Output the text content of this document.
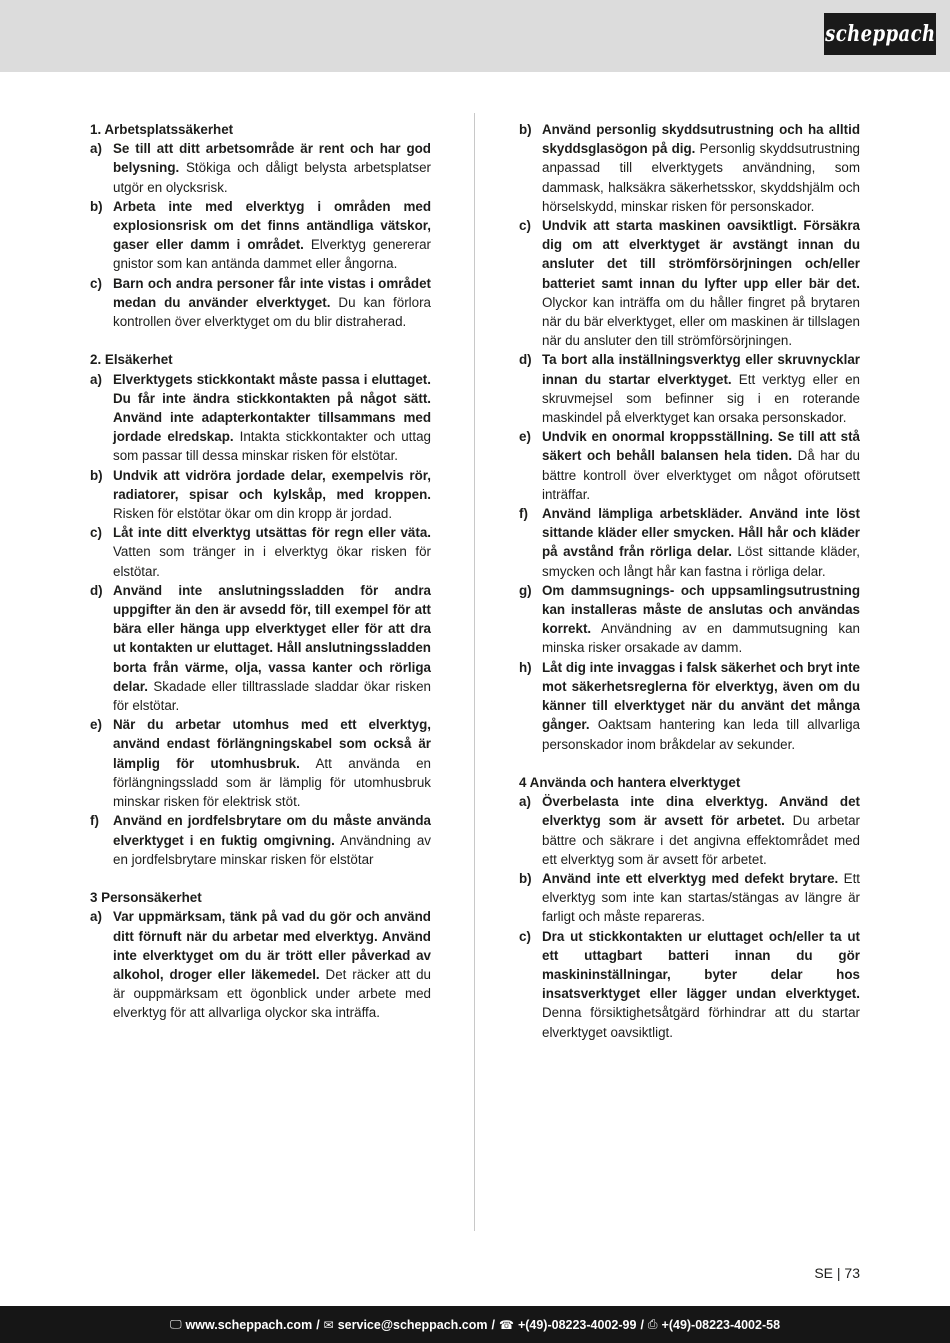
scheppach
1. Arbetsplatssäkerhet
a) Se till att ditt arbetsområde är rent och har god belysning. Stökiga och dåligt belysta arbetsplatser utgör en olycksrisk.
b) Arbeta inte med elverktyg i områden med explosionsrisk om det finns antändliga vätskor, gaser eller damm i området. Elverktyg genererar gnistor som kan antända dammet eller ångorna.
c) Barn och andra personer får inte vistas i området medan du använder elverktyget. Du kan förlora kontrollen över elverktyget om du blir distraherad.
2. Elsäkerhet
a) Elverktygets stickkontakt måste passa i eluttaget. Du får inte ändra stickkontakten på något sätt. Använd inte adapterkontakter tillsammans med jordade elredskap. Intakta stickkontakter och uttag som passar till dessa minskar risken för elstötar.
b) Undvik att vidröra jordade delar, exempelvis rör, radiatorer, spisar och kylskåp, med kroppen. Risken för elstötar ökar om din kropp är jordad.
c) Låt inte ditt elverktyg utsättas för regn eller väta. Vatten som tränger in i elverktyg ökar risken för elstötar.
d) Använd inte anslutningssladden för andra uppgifter än den är avsedd för, till exempel för att bära eller hänga upp elverktyget eller för att dra ut kontakten ur eluttaget. Håll anslutningssladden borta från värme, olja, vassa kanter och rörliga delar. Skadade eller tilltrasslade sladdar ökar risken för elstötar.
e) När du arbetar utomhus med ett elverktyg, använd endast förlängningskabel som också är lämplig för utomhusbruk. Att använda en förlängningssladd som är lämplig för utomhusbruk minskar risken för elektrisk stöt.
f) Använd en jordfelsbrytare om du måste använda elverktyget i en fuktig omgivning. Användning av en jordfelsbrytare minskar risken för elstötar
3 Personsäkerhet
a) Var uppmärksam, tänk på vad du gör och använd ditt förnuft när du arbetar med elverktyg. Använd inte elverktyget om du är trött eller påverkad av alkohol, droger eller läkemedel. Det räcker att du är ouppmärksam ett ögonblick under arbete med elverktyg för att allvarliga olyckor ska inträffa.
b) Använd personlig skyddsutrustning och ha alltid skyddsglasögon på dig. Personlig skyddsutrustning anpassad till elverktygets användning, som dammask, halksäkra säkerhetsskor, skyddshjälm och hörselskydd, minskar risken för personskador.
c) Undvik att starta maskinen oavsiktligt. Försäkra dig om att elverktyget är avstängt innan du ansluter det till strömförsörjningen och/eller batteriet samt innan du lyfter upp eller bär det. Olyckor kan inträffa om du håller fingret på brytaren när du bär elverktyget, eller om maskinen är tillslagen när du ansluter den till strömförsörjningen.
d) Ta bort alla inställningsverktyg eller skruvnycklar innan du startar elverktyget. Ett verktyg eller en skruvmejsel som befinner sig i en roterande maskindel på elverktyget kan orsaka personskador.
e) Undvik en onormal kroppsställning. Se till att stå säkert och behåll balansen hela tiden. Då har du bättre kontroll över elverktyget om något oförutsett inträffar.
f) Använd lämpliga arbetskläder. Använd inte löst sittande kläder eller smycken. Håll hår och kläder på avstånd från rörliga delar. Löst sittande kläder, smycken och långt hår kan fastna i rörliga delar.
g) Om dammsugnings- och uppsamlingsutrustning kan installeras måste de anslutas och användas korrekt. Användning av en dammutsugning kan minska risker orsakade av damm.
h) Låt dig inte invaggas i falsk säkerhet och bryt inte mot säkerhetsreglerna för elverktyg, även om du känner till elverktyget när du använt det många gånger. Oaktsam hantering kan leda till allvarliga personskador inom bråkdelar av sekunder.
4 Använda och hantera elverktyget
a) Överbelasta inte dina elverktyg. Använd det elverktyg som är avsett för arbetet. Du arbetar bättre och säkrare i det angivna effektområdet med ett elverktyg som är avsett för arbetet.
b) Använd inte ett elverktyg med defekt brytare. Ett elverktyg som inte kan startas/stängas av längre är farligt och måste repareras.
c) Dra ut stickkontakten ur eluttaget och/eller ta ut ett uttagbart batteri innan du gör maskininställningar, byter delar hos insatsverktyget eller lägger undan elverktyget. Denna försiktighetsåtgärd förhindrar att du startar elverktyget oavsiktligt.
SE | 73
🖵 www.scheppach.com / ✉ service@scheppach.com / ☎ +(49)-08223-4002-99 / ⎙ +(49)-08223-4002-58
